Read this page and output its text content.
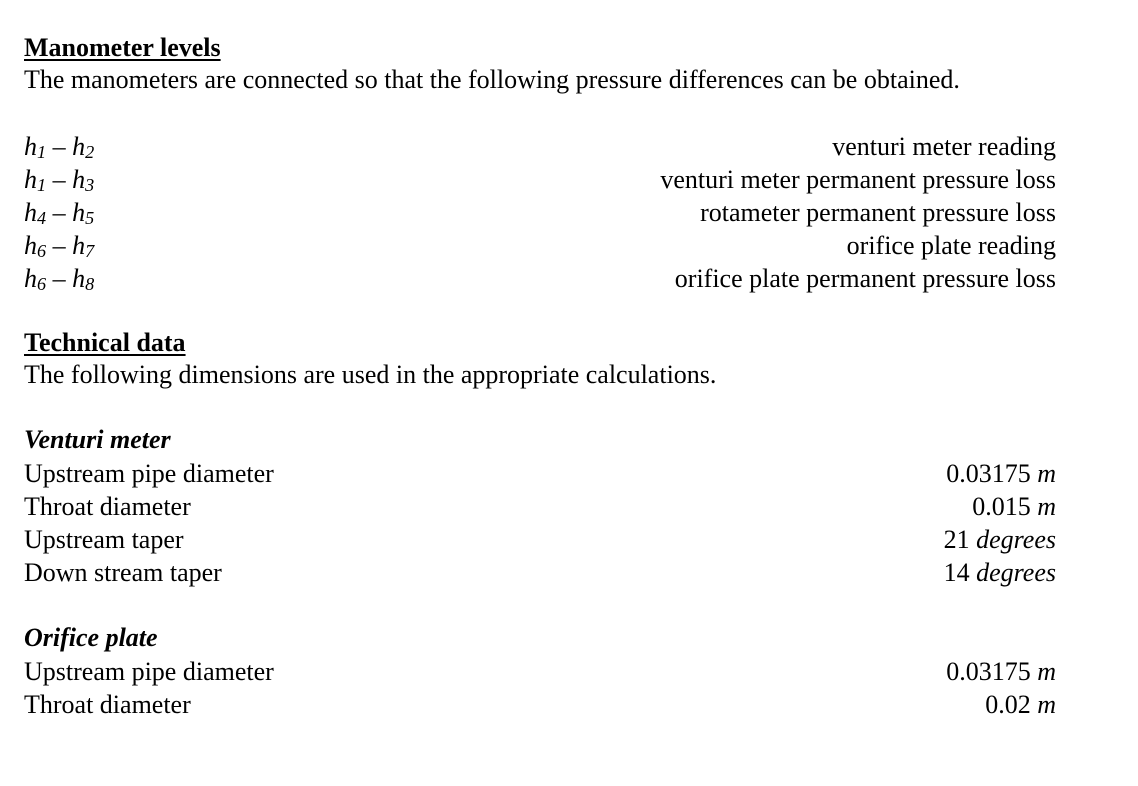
Manometer levels
The manometers are connected so that the following pressure differences can be obtained.
$h_1 - h_2$	venturi meter reading
$h_1 - h_3$	venturi meter permanent pressure loss
$h_4 - h_5$	rotameter permanent pressure loss
$h_6 - h_7$	orifice plate reading
$h_6 - h_8$	orifice plate permanent pressure loss
Technical data
The following dimensions are used in the appropriate calculations.
Venturi meter
Upstream pipe diameter	0.03175 m
Throat diameter	0.015 m
Upstream taper	21 degrees
Down stream taper	14 degrees
Orifice plate
Upstream pipe diameter	0.03175 m
Throat diameter	0.02 m
